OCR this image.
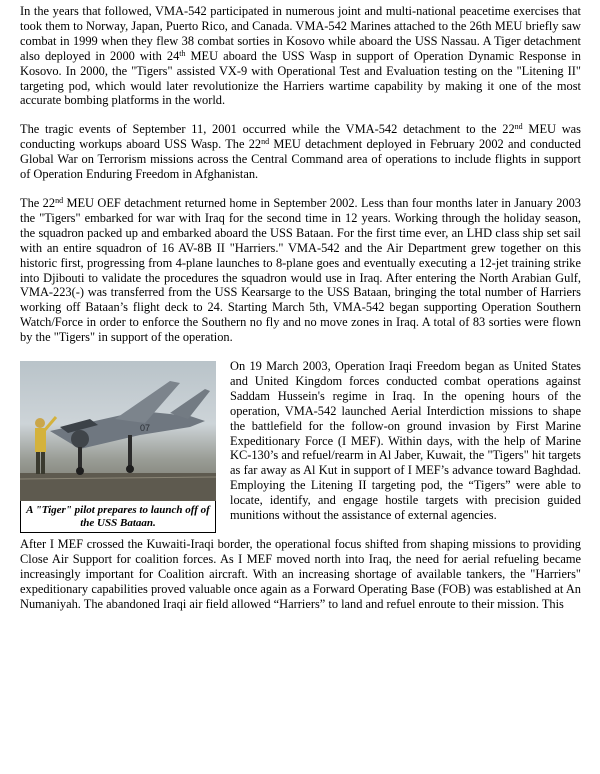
In the years that followed, VMA-542 participated in numerous joint and multi-national peacetime exercises that took them to Norway, Japan, Puerto Rico, and Canada. VMA-542 Marines attached to the 26th MEU briefly saw combat in 1999 when they flew 38 combat sorties in Kosovo while aboard the USS Nassau. A Tiger detachment also deployed in 2000 with 24th MEU aboard the USS Wasp in support of Operation Dynamic Response in Kosovo. In 2000, the "Tigers" assisted VX-9 with Operational Test and Evaluation testing on the "Litening II" targeting pod, which would later revolutionize the Harriers wartime capability by making it one of the most accurate bombing platforms in the world.

The tragic events of September 11, 2001 occurred while the VMA-542 detachment to the 22nd MEU was conducting workups aboard USS Wasp. The 22nd MEU detachment deployed in February 2002 and conducted Global War on Terrorism missions across the Central Command area of operations to include flights in support of Operation Enduring Freedom in Afghanistan.

The 22nd MEU OEF detachment returned home in September 2002. Less than four months later in January 2003 the "Tigers" embarked for war with Iraq for the second time in 12 years. Working through the holiday season, the squadron packed up and embarked aboard the USS Bataan. For the first time ever, an LHD class ship set sail with an entire squadron of 16 AV-8B II "Harriers." VMA-542 and the Air Department grew together on this historic first, progressing from 4-plane launches to 8-plane goes and eventually executing a 12-jet training strike into Djibouti to validate the procedures the squadron would use in Iraq. After entering the North Arabian Gulf, VMA-223(-) was transferred from the USS Kearsarge to the USS Bataan, bringing the total number of Harriers working off Bataan’s flight deck to 24. Starting March 5th, VMA-542 began supporting Operation Southern Watch/Force in order to enforce the Southern no fly and no move zones in Iraq. A total of 83 sorties were flown by the "Tigers" in support of the operation.

07
A "Tiger" pilot prepares to launch off of the USS Bataan.

On 19 March 2003, Operation Iraqi Freedom began as United States and United Kingdom forces conducted combat operations against Saddam Hussein's regime in Iraq. In the opening hours of the operation, VMA-542 launched Aerial Interdiction missions to shape the battlefield for the follow-on ground invasion by First Marine Expeditionary Force (I MEF). Within days, with the help of Marine KC-130’s and refuel/rearm in Al Jaber, Kuwait, the "Tigers" hit targets as far away as Al Kut in support of I MEF’s advance toward Baghdad. Employing the Litening II targeting pod, the “Tigers” were able to locate, identify, and engage hostile targets with precision guided munitions without the assistance of external agencies.

After I MEF crossed the Kuwaiti-Iraqi border, the operational focus shifted from shaping missions to providing Close Air Support for coalition forces. As I MEF moved north into Iraq, the need for aerial refueling became increasingly important for Coalition aircraft. With an increasing shortage of available tankers, the "Harriers" expeditionary capabilities proved valuable once again as a Forward Operating Base (FOB) was established at An Numaniyah. The abandoned Iraqi air field allowed “Harriers” to land and refuel enroute to their mission. This
